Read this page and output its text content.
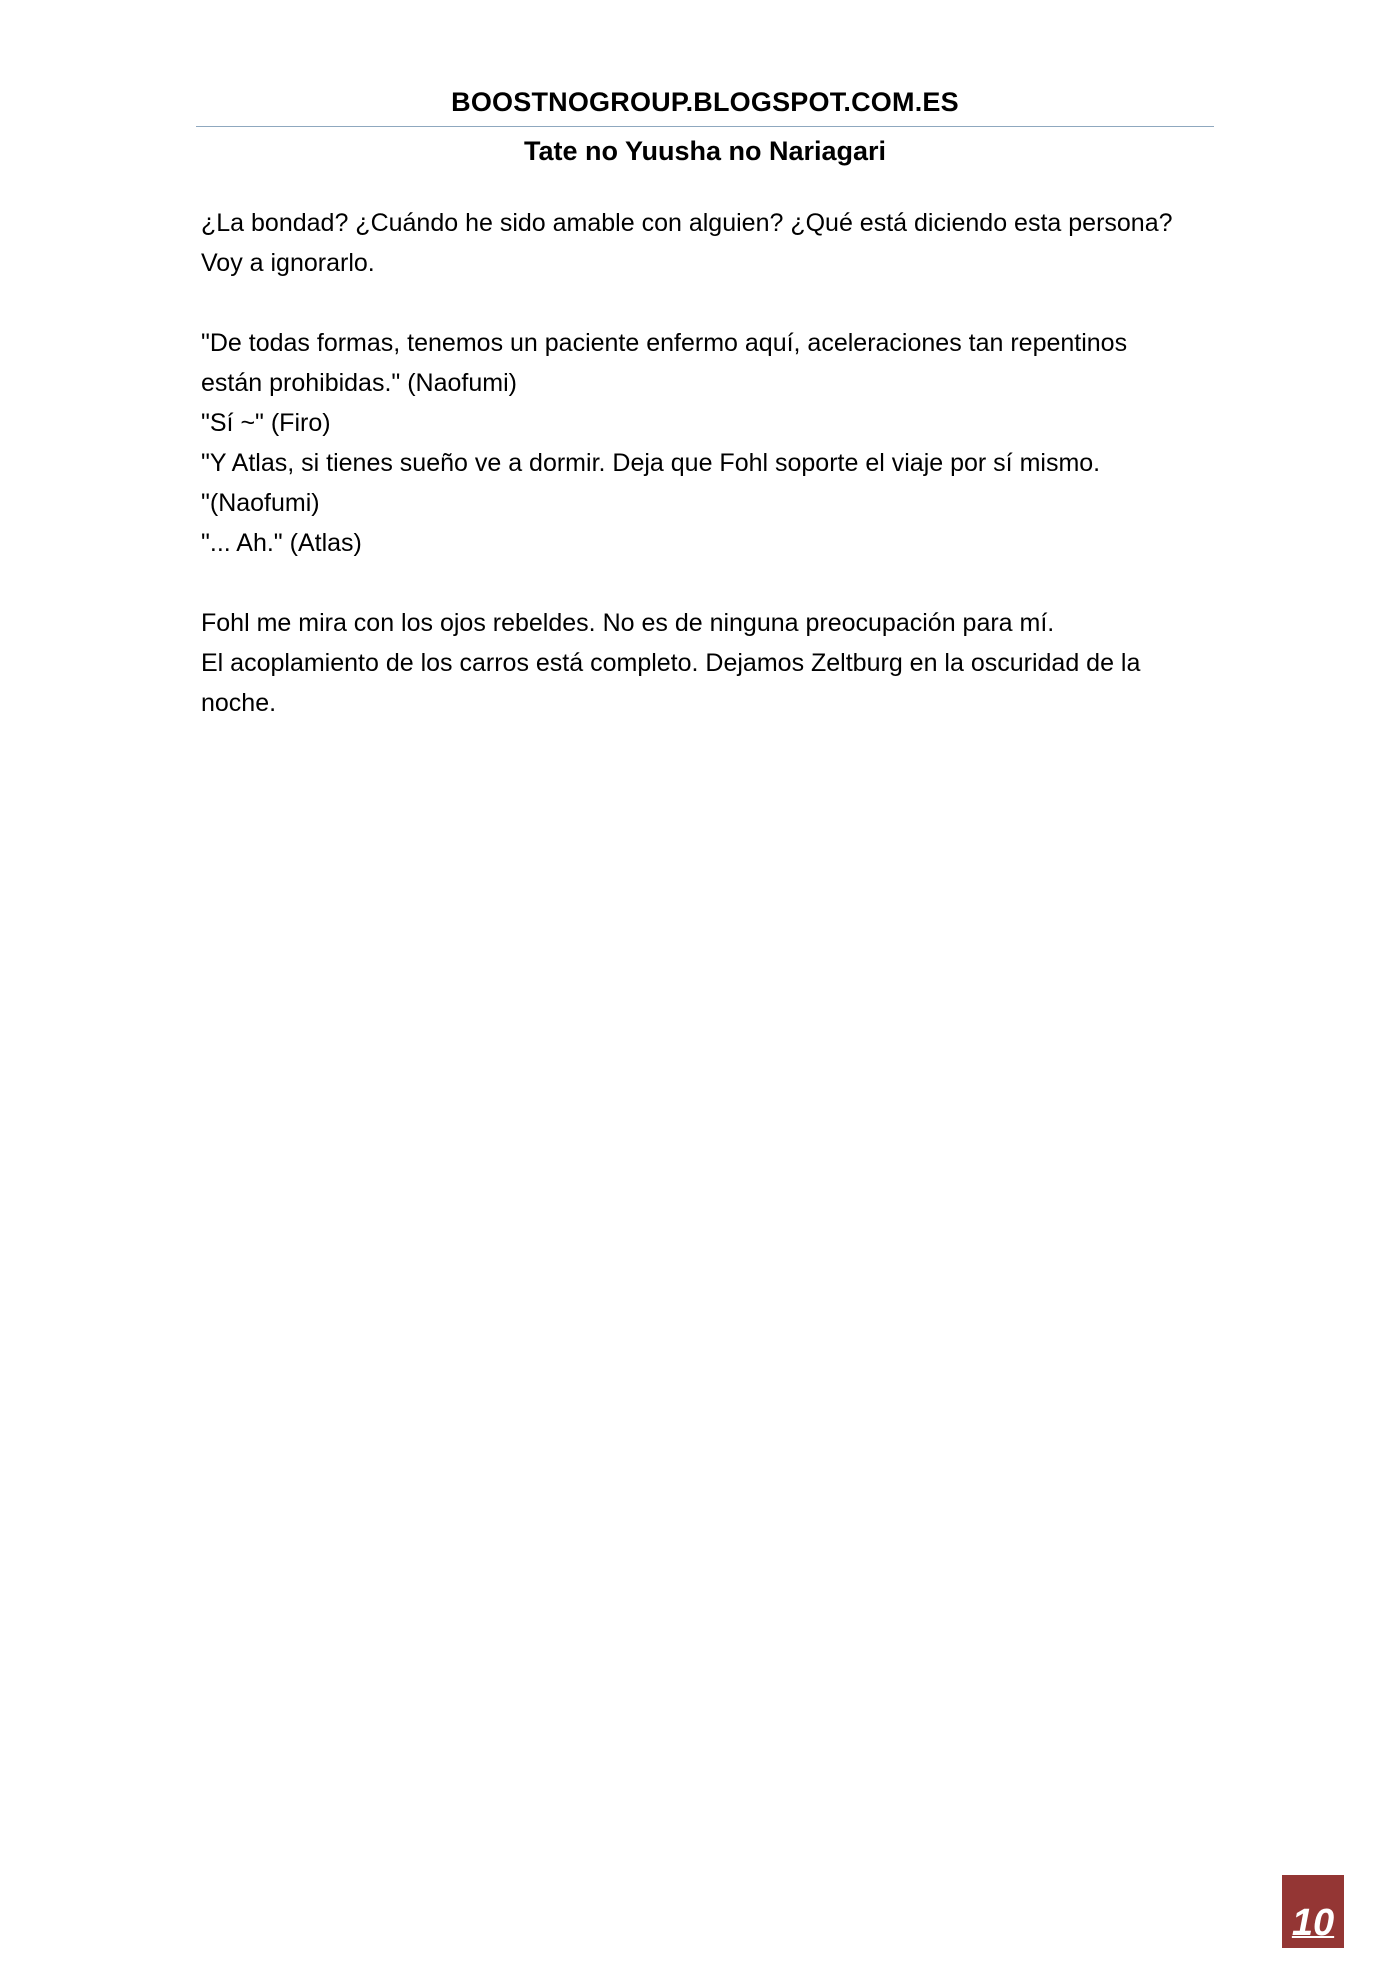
BOOSTNOGROUP.BLOGSPOT.COM.ES
Tate no Yuusha no Nariagari
¿La bondad? ¿Cuándo he sido amable con alguien? ¿Qué está diciendo esta persona?
Voy a ignorarlo.
"De todas formas, tenemos un paciente enfermo aquí, aceleraciones tan repentinos
están prohibidas." (Naofumi)
"Sí ~" (Firo)
"Y Atlas, si tienes sueño ve a dormir. Deja que Fohl soporte el viaje por sí mismo.
"(Naofumi)
"... Ah." (Atlas)
Fohl me mira con los ojos rebeldes. No es de ninguna preocupación para mí.
El acoplamiento de los carros está completo. Dejamos Zeltburg en la oscuridad de la
noche.
10
